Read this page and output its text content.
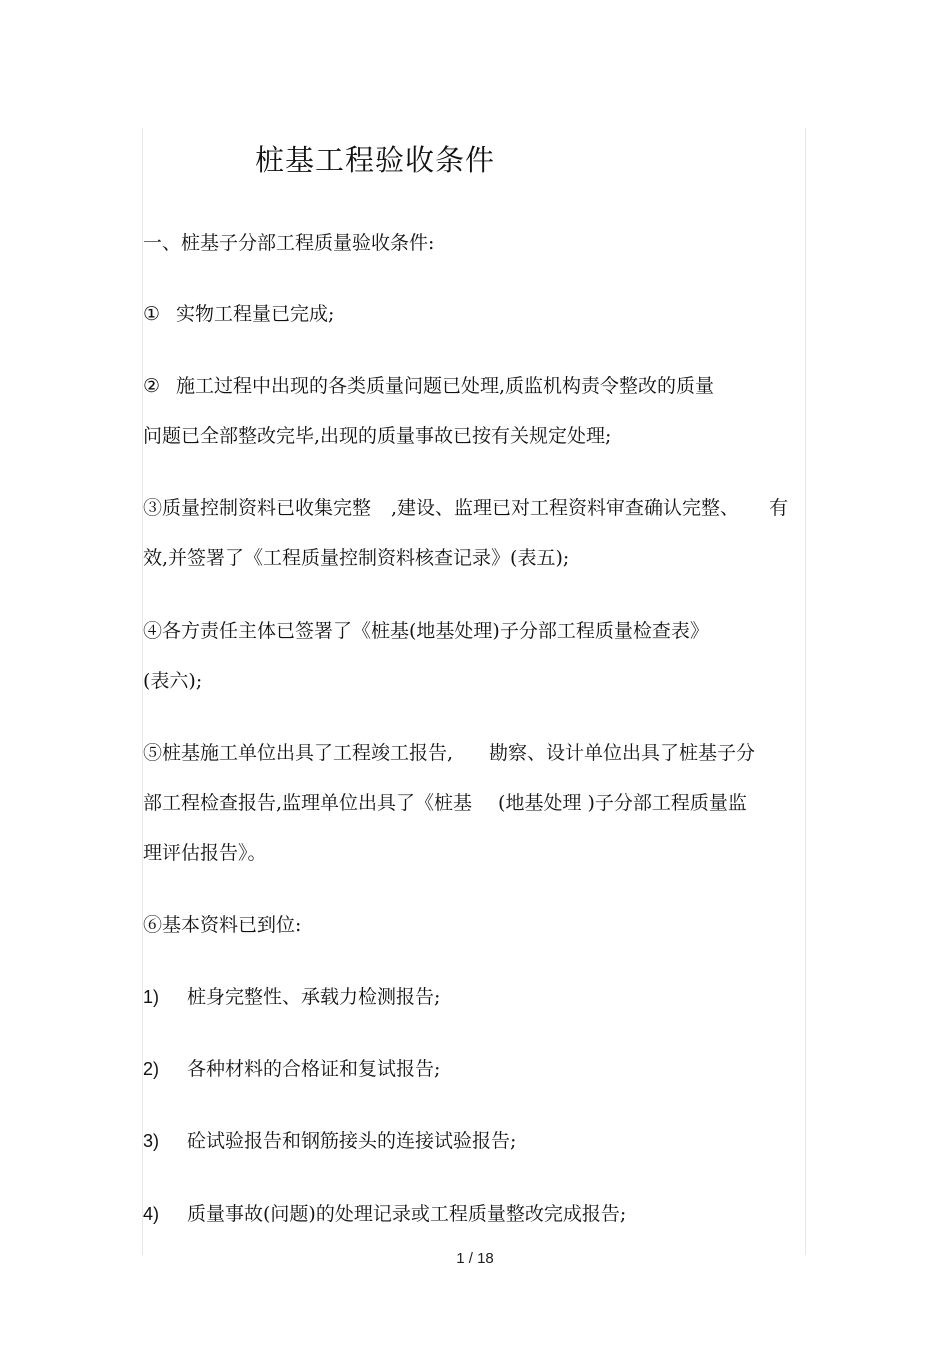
桩基工程验收条件

一、桩基子分部工程质量验收条件:

① 实物工程量已完成;

② 施工过程中出现的各类质量问题已处理,质监机构责令整改的质量

问题已全部整改完毕,出现的质量事故已按有关规定处理;

③质量控制资料已收集完整 ,建设、监理已对工程资料审查确认完整、 有

效,并签署了《工程质量控制资料核查记录》(表五);

④各方责任主体已签署了《桩基(地基处理)子分部工程质量检查表》

(表六);

⑤桩基施工单位出具了工程竣工报告, 勘察、设计单位出具了桩基子分

部工程检查报告,监理单位出具了《桩基 (地基处理 )子分部工程质量监

理评估报告》。

⑥基本资料已到位:

1) 桩身完整性、承载力检测报告;

2) 各种材料的合格证和复试报告;

3) 砼试验报告和钢筋接头的连接试验报告;

4) 质量事故(问题)的处理记录或工程质量整改完成报告;

1 / 18
